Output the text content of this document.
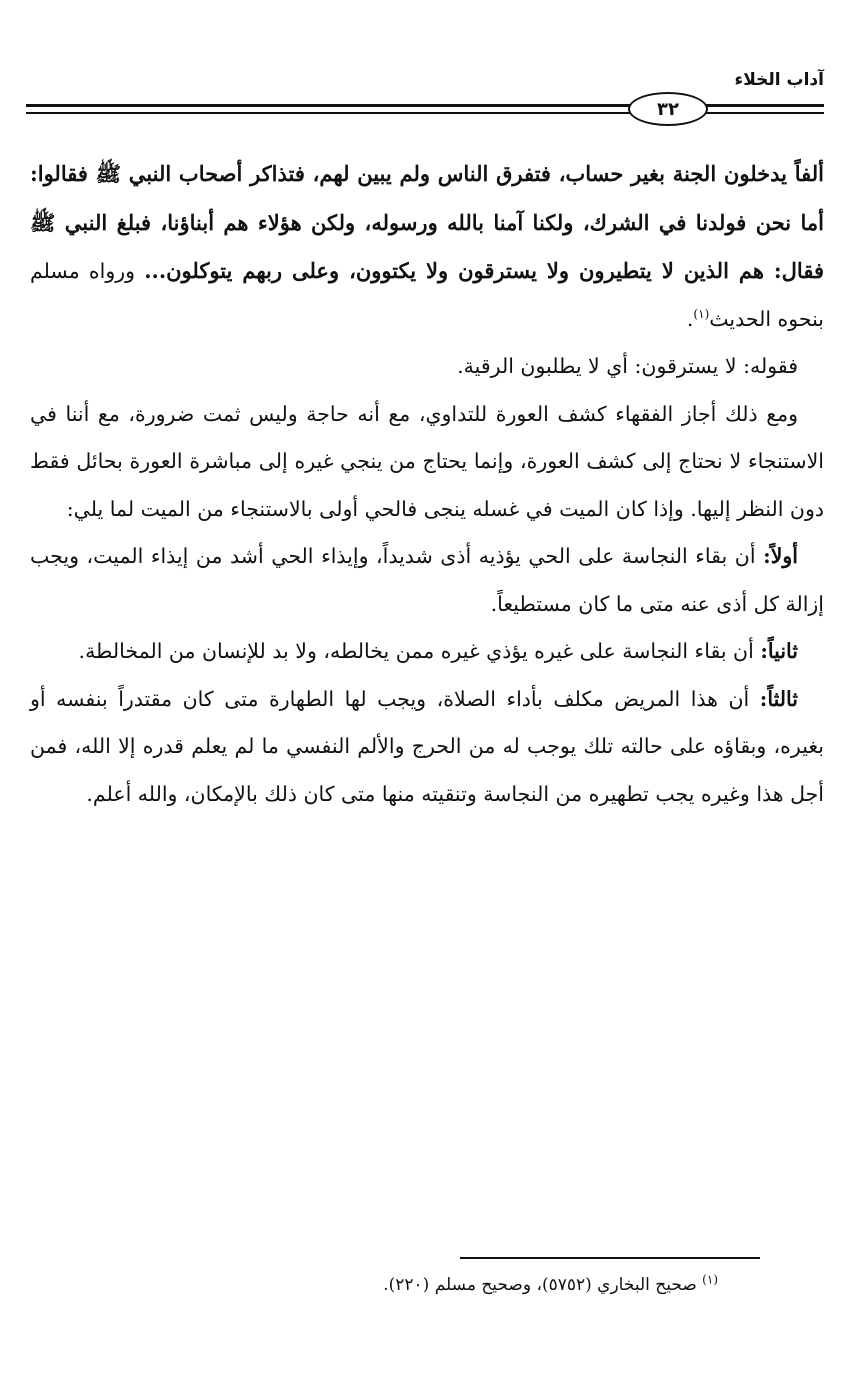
آداب الخلاء
٣٢

ألفاً يدخلون الجنة بغير حساب، فتفرق الناس ولم يبين لهم، فتذاكر أصحاب النبي ﷺ فقالوا: أما نحن فولدنا في الشرك، ولكنا آمنا بالله ورسوله، ولكن هؤلاء هم أبناؤنا، فبلغ النبي ﷺ فقال: هم الذين لا يتطيرون ولا يسترقون ولا يكتوون، وعلى ربهم يتوكلون... ورواه مسلم بنحوه الحديث$^{(١)}$.

فقوله: لا يسترقون: أي لا يطلبون الرقية.

ومع ذلك أجاز الفقهاء كشف العورة للتداوي، مع أنه حاجة وليس ثمت ضرورة، مع أننا في الاستنجاء لا نحتاج إلى كشف العورة، وإنما يحتاج من ينجي غيره إلى مباشرة العورة بحائل فقط دون النظر إليها. وإذا كان الميت في غسله ينجى فالحي أولى بالاستنجاء من الميت لما يلي:

أولاً: أن بقاء النجاسة على الحي يؤذيه أذى شديداً، وإيذاء الحي أشد من إيذاء الميت، ويجب إزالة كل أذى عنه متى ما كان مستطيعاً.

ثانياً: أن بقاء النجاسة على غيره يؤذي غيره ممن يخالطه، ولا بد للإنسان من المخالطة.

ثالثاً: أن هذا المريض مكلف بأداء الصلاة، ويجب لها الطهارة متى كان مقتدراً بنفسه أو بغيره، وبقاؤه على حالته تلك يوجب له من الحرج والألم النفسي ما لم يعلم قدره إلا الله، فمن أجل هذا وغيره يجب تطهيره من النجاسة وتنقيته منها متى كان ذلك بالإمكان، والله أعلم.

$^{(١)}$ صحيح البخاري (٥٧٥٢)، وصحيح مسلم (٢٢٠).
